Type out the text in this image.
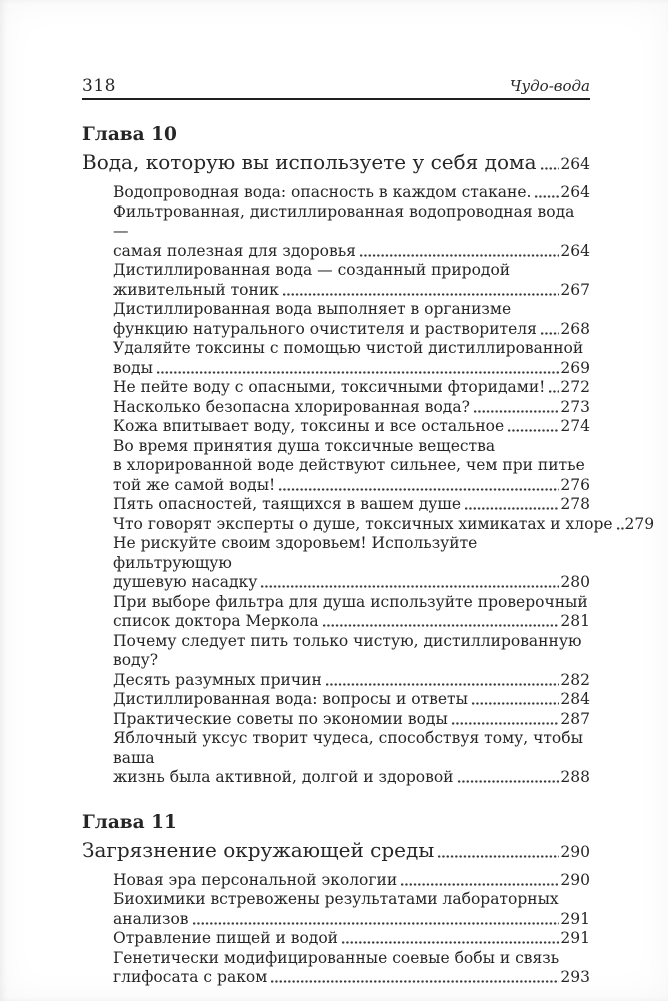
318	Чудо-вода
Глава 10
Вода, которую вы используете у себя дома 264
Водопроводная вода: опасность в каждом стакане. 264
Фильтрованная, дистиллированная водопроводная вода —
самая полезная для здоровья	264
Дистиллированная вода — созданный природой
живительный тоник	267
Дистиллированная вода выполняет в организме
функцию натурального очистителя и растворителя 268
Удаляйте токсины с помощью чистой дистиллированной
воды	269
Не пейте воду с опасными, токсичными фторидами! 272
Насколько безопасна хлорированная вода?	273
Кожа впитывает воду, токсины и все остальное	274
Во время принятия душа токсичные вещества
в хлорированной воде действуют сильнее, чем при питье
той же самой воды!	276
Пять опасностей, таящихся в вашем душе	278
Что говорят эксперты о душе, токсичных химикатах и хлоре 279
Не рискуйте своим здоровьем! Используйте фильтрующую
душевую насадку	280
При выборе фильтра для душа используйте проверочный
список доктора Меркола	281
Почему следует пить только чистую, дистиллированную воду?
Десять разумных причин	282
Дистиллированная вода: вопросы и ответы	284
Практические советы по экономии воды	287
Яблочный уксус творит чудеса, способствуя тому, чтобы ваша
жизнь была активной, долгой и здоровой	288
Глава 11
Загрязнение окружающей среды	290
Новая эра персональной экологии	290
Биохимики встревожены результатами лабораторных
анализов	291
Отравление пищей и водой	291
Генетически модифицированные соевые бобы и связь
глифосата с раком	293
